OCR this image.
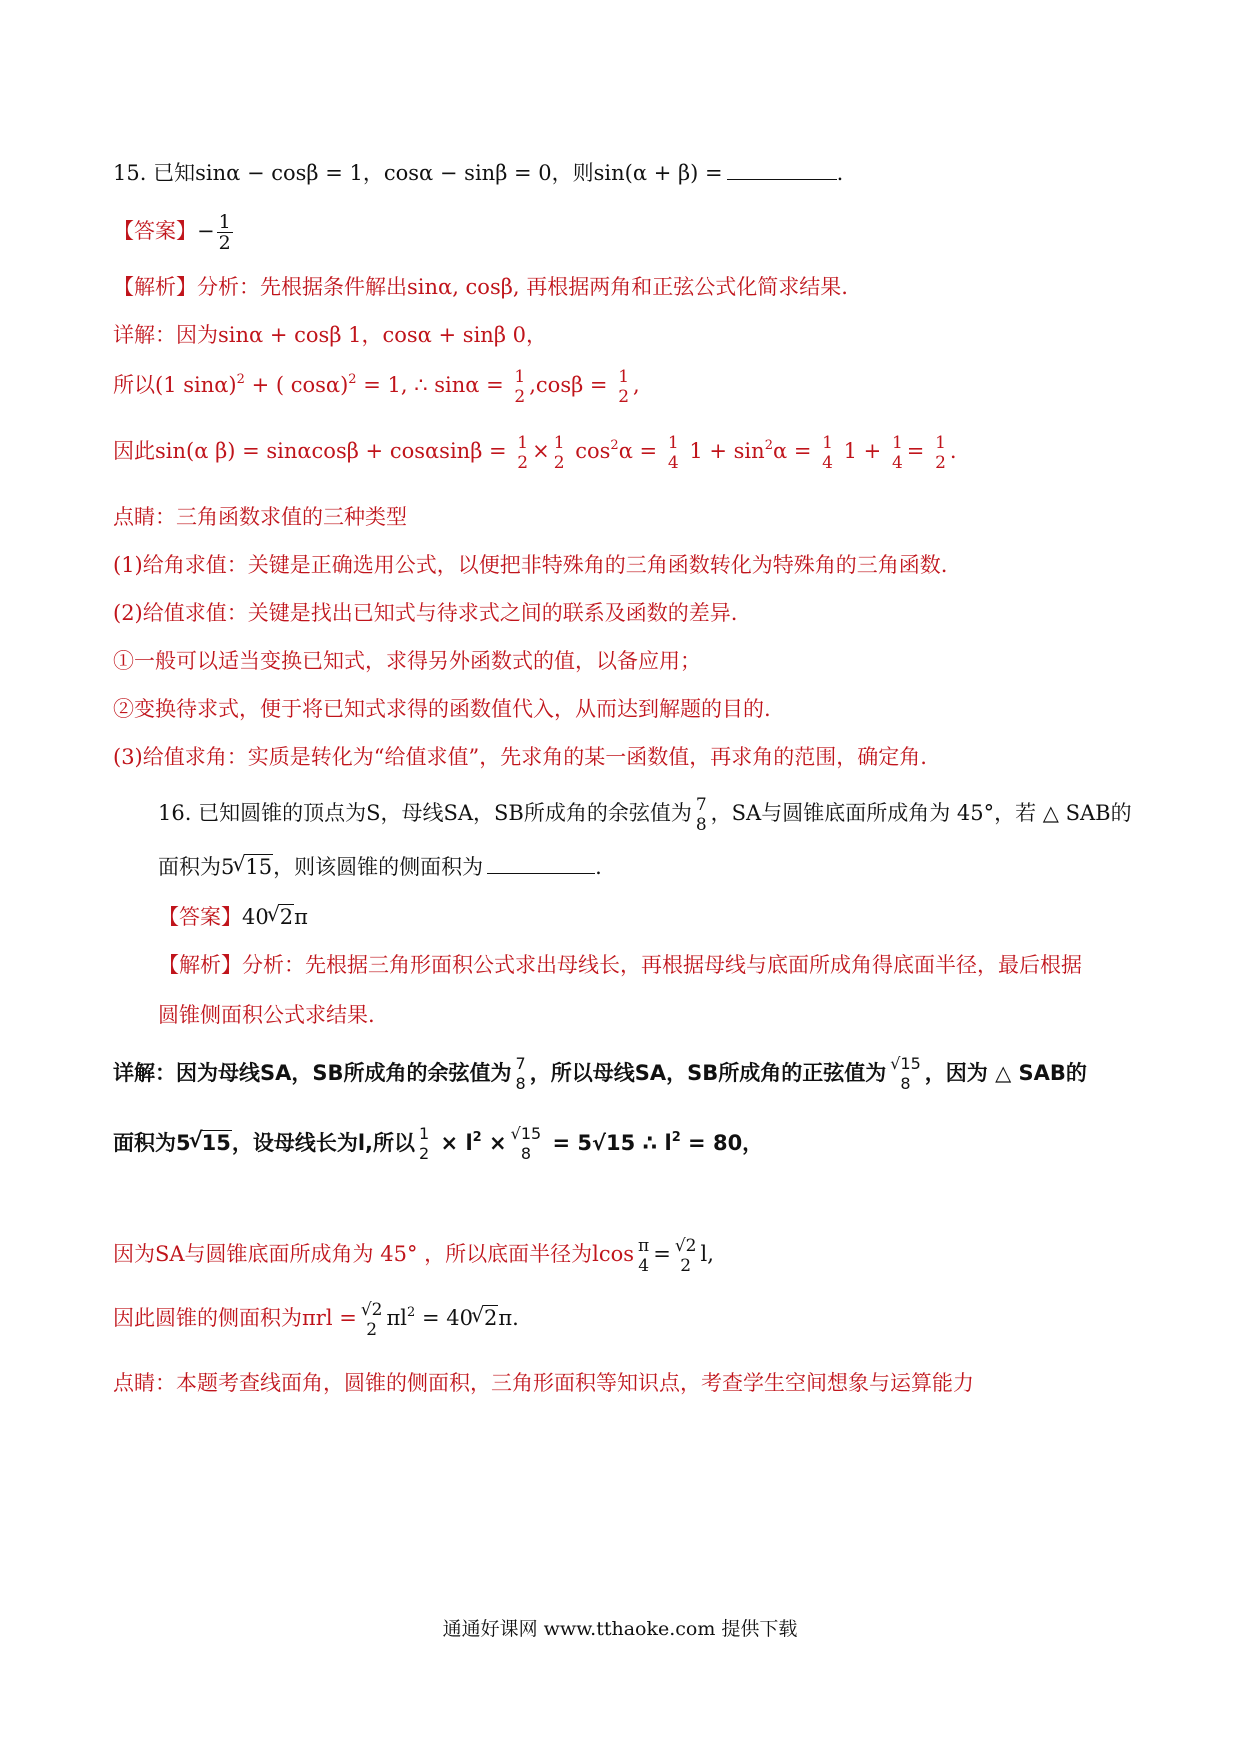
15. 已知sinα − cosβ = 1，cosα − sinβ = 0，则sin(α + β) =	.
【答案】− $\frac{1}{2}$
【解析】分析：先根据条件解出sinα, cosβ, 再根据两角和正弦公式化简求结果.
详解：因为sinα + cosβ 1，cosα + sinβ 0，
所以(1 sinα)$^2$ + ( cosα)$^2$ = 1, ∴ sinα = 1
2 ,cosβ = 1
2 ,
因此sin(α β) = sinαcosβ + cosαsinβ = 1
2 × 1
2 $\cos^2\alpha = 1$
4 $1 + \sin^2\alpha = 1$
4 1 + 1
4 = 1
2 .
点睛：三角函数求值的三种类型
(1)给角求值：关键是正确选用公式，以便把非特殊角的三角函数转化为特殊角的三角函数.
(2)给值求值：关键是找出已知式与待求式之间的联系及函数的差异.
①一般可以适当变换已知式，求得另外函数式的值，以备应用；
②变换待求式，便于将已知式求得的函数值代入，从而达到解题的目的.
(3)给值求角：实质是转化为“给值求值”，先求角的某一函数值，再求角的范围，确定角.
16. 已知圆锥的顶点为S，母线SA，SB所成角的余弦值为 7
8 ，SA与圆锥底面所成角为 45°，若 △ SAB的
面积为5√ 15，则该圆锥的侧面积为	.
【答案】40√ 2π
【解析】分析：先根据三角形面积公式求出母线长，再根据母线与底面所成角得底面半径，最后根据
圆锥侧面积公式求结果.
详解：因为母线SA，SB所成角的余弦值为 7
8 ，所以母线SA，SB所成角的正弦值为 √15
8 ，因为 △ SAB的
面积为5√ 15，设母线长为l,所以 1
$2 \times l^2 \times √15$
8 = 5√15 ∴ $l^2 = 80$，
因为SA与圆锥底面所成角为 45° ，所以底面半径为lcos π
4 = √2
2 l,
因此圆锥的侧面积为πrl = √2
2 $\pi l^2 = 40√$ 2π.
点睛：本题考查线面角，圆锥的侧面积，三角形面积等知识点，考查学生空间想象与运算能力
通通好课网 www.tthaoke.com 提供下载
